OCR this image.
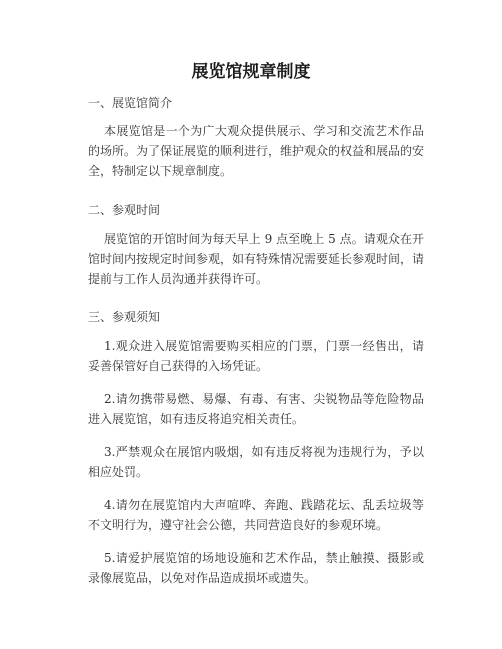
展览馆规章制度
一、展览馆简介
本展览馆是一个为广大观众提供展示、学习和交流艺术作品的场所。为了保证展览的顺利进行，维护观众的权益和展品的安全，特制定以下规章制度。
二、参观时间
展览馆的开馆时间为每天早上 9 点至晚上 5 点。请观众在开馆时间内按规定时间参观，如有特殊情况需要延长参观时间，请提前与工作人员沟通并获得许可。
三、参观须知
1.观众进入展览馆需要购买相应的门票，门票一经售出，请妥善保管好自己获得的入场凭证。
2.请勿携带易燃、易爆、有毒、有害、尖锐物品等危险物品进入展览馆，如有违反将追究相关责任。
3.严禁观众在展馆内吸烟，如有违反将视为违规行为，予以相应处罚。
4.请勿在展览馆内大声喧哗、奔跑、践踏花坛、乱丢垃圾等不文明行为，遵守社会公德，共同营造良好的参观环境。
5.请爱护展览馆的场地设施和艺术作品，禁止触摸、摄影或录像展览品，以免对作品造成损坏或遗失。
